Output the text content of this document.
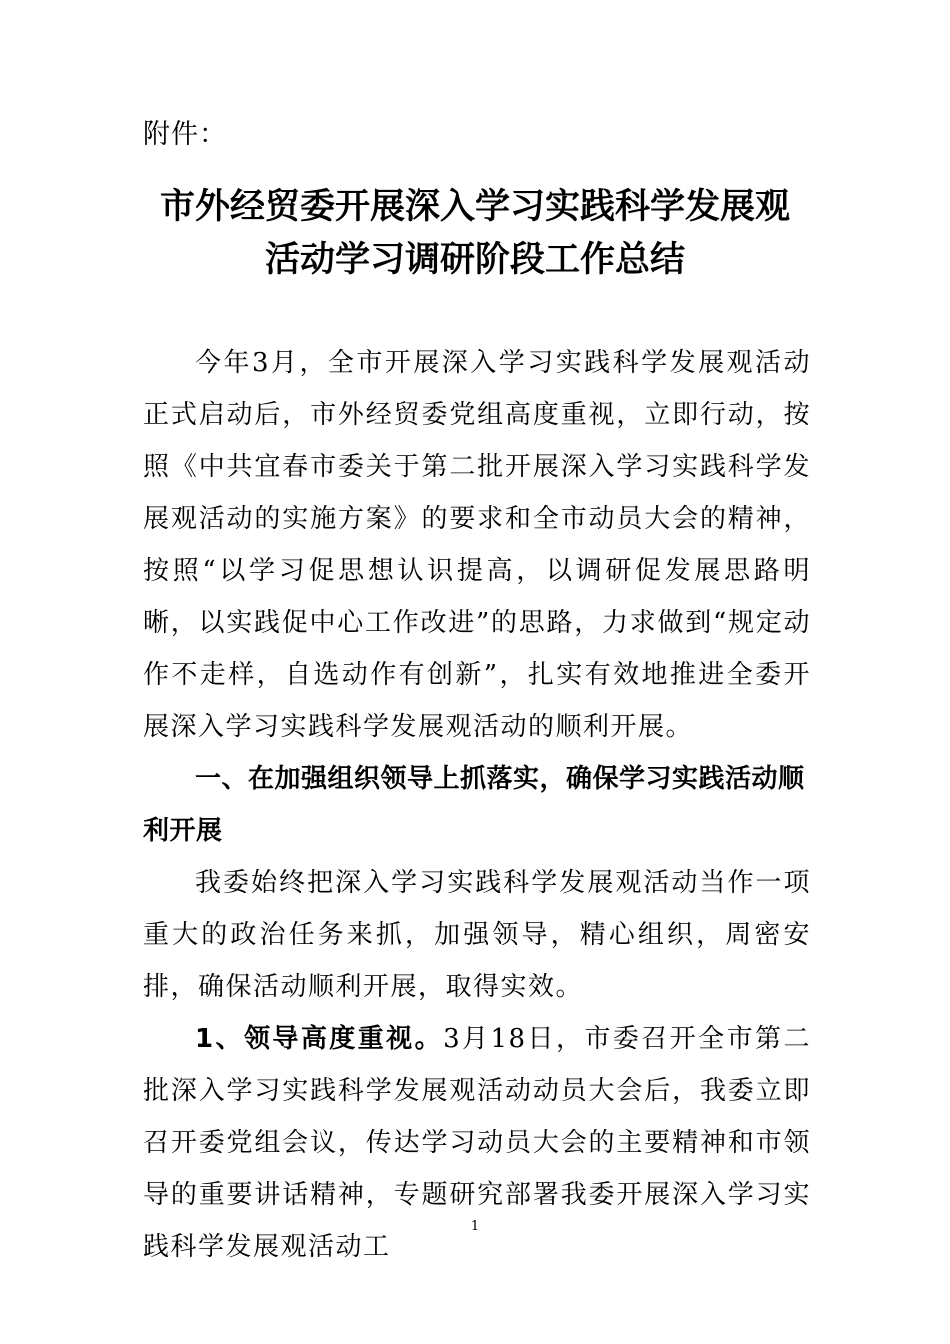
附件：
市外经贸委开展深入学习实践科学发展观
活动学习调研阶段工作总结

今年3月，全市开展深入学习实践科学发展观活动正式启动后，市外经贸委党组高度重视，立即行动，按照《中共宜春市委关于第二批开展深入学习实践科学发展观活动的实施方案》的要求和全市动员大会的精神，按照“以学习促思想认识提高，以调研促发展思路明晰，以实践促中心工作改进”的思路，力求做到“规定动作不走样，自选动作有创新”，扎实有效地推进全委开展深入学习实践科学发展观活动的顺利开展。

一、在加强组织领导上抓落实，确保学习实践活动顺利开展

我委始终把深入学习实践科学发展观活动当作一项重大的政治任务来抓，加强领导，精心组织，周密安排，确保活动顺利开展，取得实效。

1、领导高度重视。3月18日，市委召开全市第二批深入学习实践科学发展观活动动员大会后，我委立即召开委党组会议，传达学习动员大会的主要精神和市领导的重要讲话精神，专题研究部署我委开展深入学习实践科学发展观活动工

1
